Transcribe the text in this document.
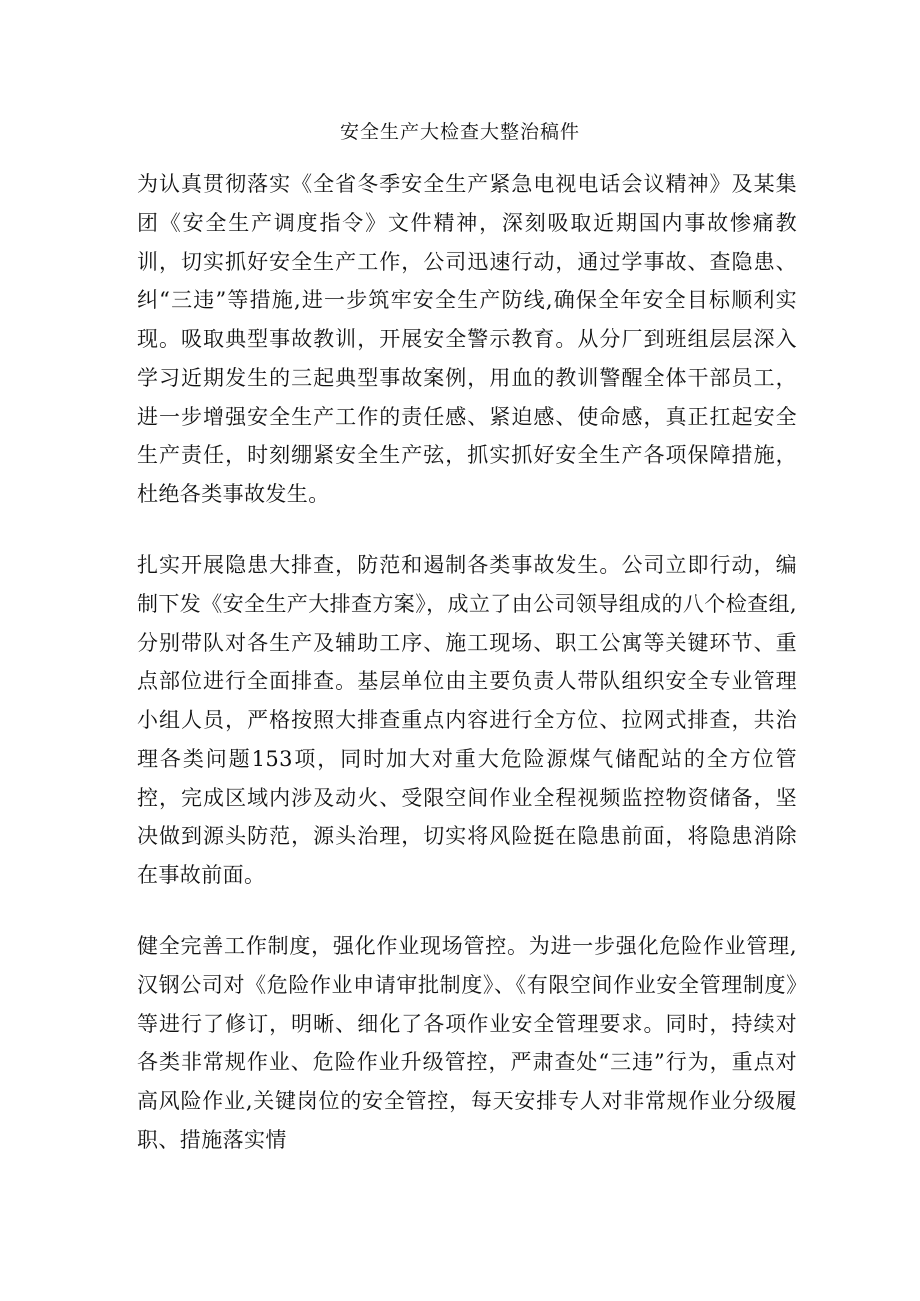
安全生产大检查大整治稿件

为认真贯彻落实《全省冬季安全生产紧急电视电话会议精神》及某集团《安全生产调度指令》文件精神，深刻吸取近期国内事故惨痛教训，切实抓好安全生产工作，公司迅速行动，通过学事故、查隐患、纠“三违”等措施,进一步筑牢安全生产防线,确保全年安全目标顺利实现。吸取典型事故教训，开展安全警示教育。从分厂到班组层层深入学习近期发生的三起典型事故案例，用血的教训警醒全体干部员工，进一步增强安全生产工作的责任感、紧迫感、使命感，真正扛起安全生产责任，时刻绷紧安全生产弦，抓实抓好安全生产各项保障措施，杜绝各类事故发生。

扎实开展隐患大排查，防范和遏制各类事故发生。公司立即行动，编制下发《安全生产大排查方案》，成立了由公司领导组成的八个检查组,分别带队对各生产及辅助工序、施工现场、职工公寓等关键环节、重点部位进行全面排查。基层单位由主要负责人带队组织安全专业管理小组人员，严格按照大排查重点内容进行全方位、拉网式排查，共治理各类问题153项，同时加大对重大危险源煤气储配站的全方位管控，完成区域内涉及动火、受限空间作业全程视频监控物资储备，坚决做到源头防范，源头治理，切实将风险挺在隐患前面，将隐患消除在事故前面。

健全完善工作制度，强化作业现场管控。为进一步强化危险作业管理,汉钢公司对《危险作业申请审批制度》、《有限空间作业安全管理制度》等进行了修订，明晰、细化了各项作业安全管理要求。同时，持续对各类非常规作业、危险作业升级管控，严肃查处“三违”行为，重点对高风险作业,关键岗位的安全管控，每天安排专人对非常规作业分级履职、措施落实情
